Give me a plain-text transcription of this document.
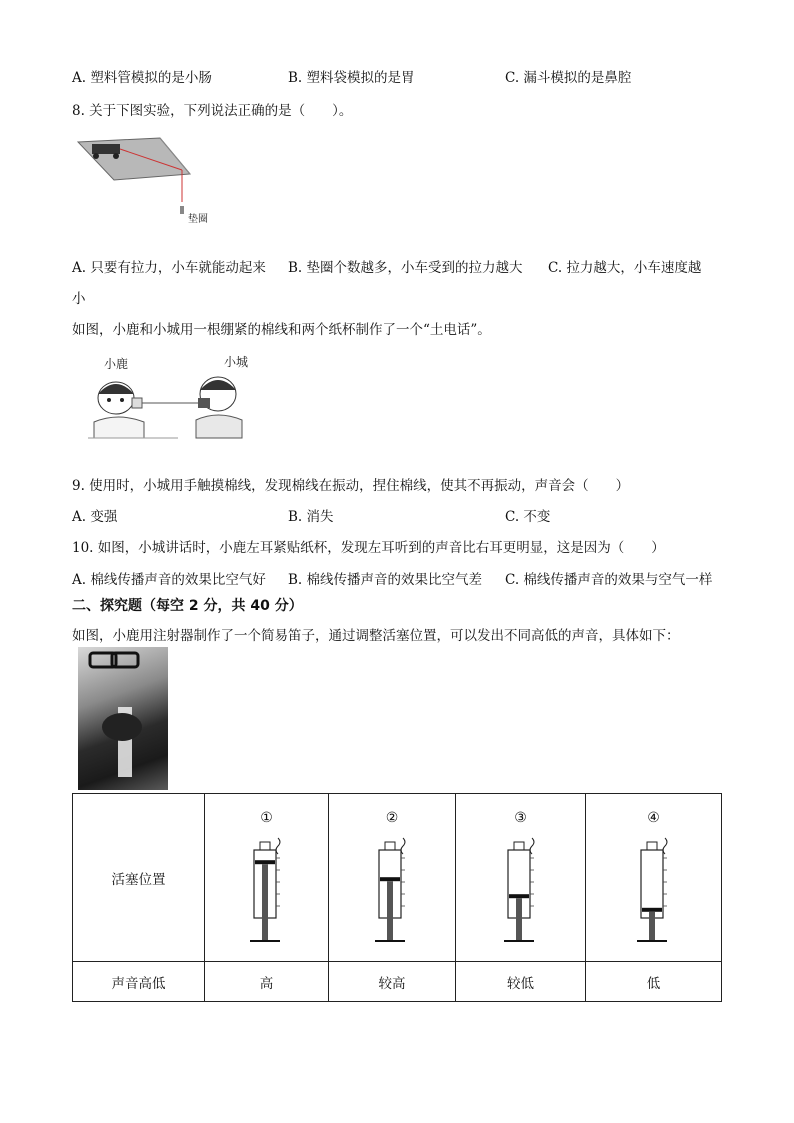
A. 塑料管模拟的是小肠	B. 塑料袋模拟的是胃	C. 漏斗模拟的是鼻腔
8. 关于下图实验，下列说法正确的是（　　）。
垫圈
A. 只要有拉力，小车就能动起来 B. 垫圈个数越多，小车受到的拉力越大 C. 拉力越大，小车速度越
小
如图，小鹿和小城用一根绷紧的棉线和两个纸杯制作了一个“土电话”。
小鹿	小城
9. 使用时，小城用手触摸棉线，发现棉线在振动，捏住棉线，使其不再振动，声音会（　　）
A. 变强	B. 消失	C. 不变
10. 如图，小城讲话时，小鹿左耳紧贴纸杯，发现左耳听到的声音比右耳更明显，这是因为（　　）
A. 棉线传播声音的效果比空气好 B. 棉线传播声音的效果比空气差 C. 棉线传播声音的效果与空气一样
二、探究题（每空 2 分，共 40 分）
如图，小鹿用注射器制作了一个简易笛子，通过调整活塞位置，可以发出不同高低的声音，具体如下：
活塞位置	①	②	③	④

声音高低	高	较高	较低	低
